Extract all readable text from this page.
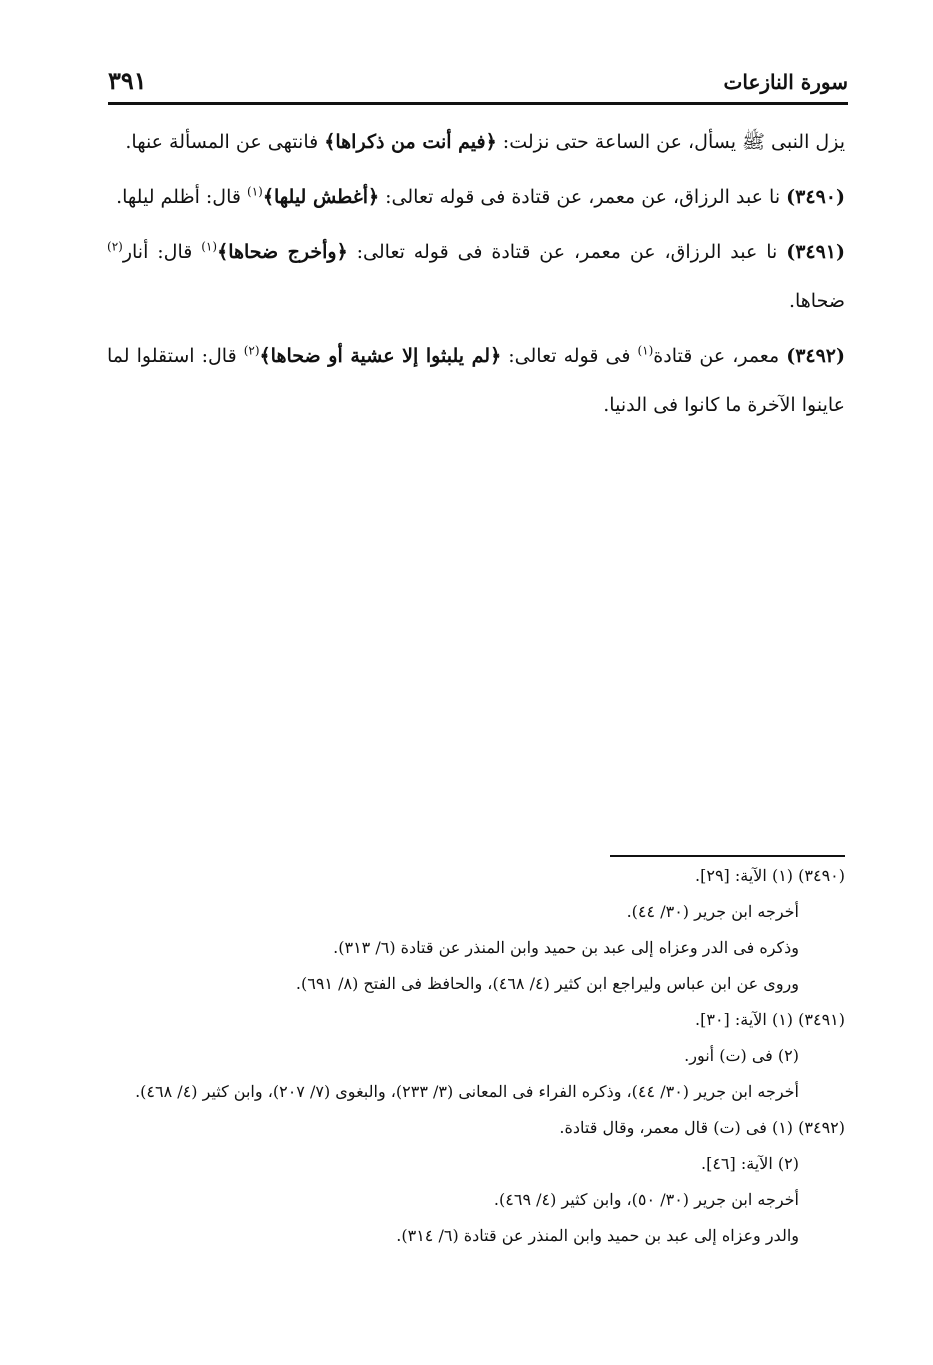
سورة النازعات
٣٩١

يزل النبى ﷺ يسأل، عن الساعة حتى نزلت: ﴿فيم أنت من ذكراها﴾ فانتهى عن المسألة عنها.

(٣٤٩٠) نا عبد الرزاق، عن معمر، عن قتادة فى قوله تعالى: ﴿أغطش ليلها﴾$^{(١)}$ قال: أظلم ليلها.

(٣٤٩١) نا عبد الرزاق، عن معمر، عن قتادة فى قوله تعالى: ﴿وأخرج ضحاها﴾$^{(١)}$ قال: أنار$^{(٢)}$ ضحاها.

(٣٤٩٢) معمر، عن قتادة$^{(١)}$ فى قوله تعالى: ﴿لم يلبثوا إلا عشية أو ضحاها﴾$^{(٢)}$ قال: استقلوا لما عاينوا الآخرة ما كانوا فى الدنيا.

(٣٤٩٠) (١) الآية: [٢٩].

أخرجه ابن جرير (٣٠/ ٤٤).

وذكره فى الدر وعزاه إلى عبد بن حميد وابن المنذر عن قتادة (٦/ ٣١٣).

وروى عن ابن عباس وليراجع ابن كثير (٤/ ٤٦٨)، والحافظ فى الفتح (٨/ ٦٩١).

(٣٤٩١) (١) الآية: [٣٠].

(٢) فى (ت) أنور.

أخرجه ابن جرير (٣٠/ ٤٤)، وذكره الفراء فى المعانى (٣/ ٢٣٣)، والبغوى (٧/ ٢٠٧)، وابن كثير (٤/ ٤٦٨).

(٣٤٩٢) (١) فى (ت) قال معمر، وقال قتادة.

(٢) الآية: [٤٦].

أخرجه ابن جرير (٣٠/ ٥٠)، وابن كثير (٤/ ٤٦٩).

والدر وعزاه إلى عبد بن حميد وابن المنذر عن قتادة (٦/ ٣١٤).
